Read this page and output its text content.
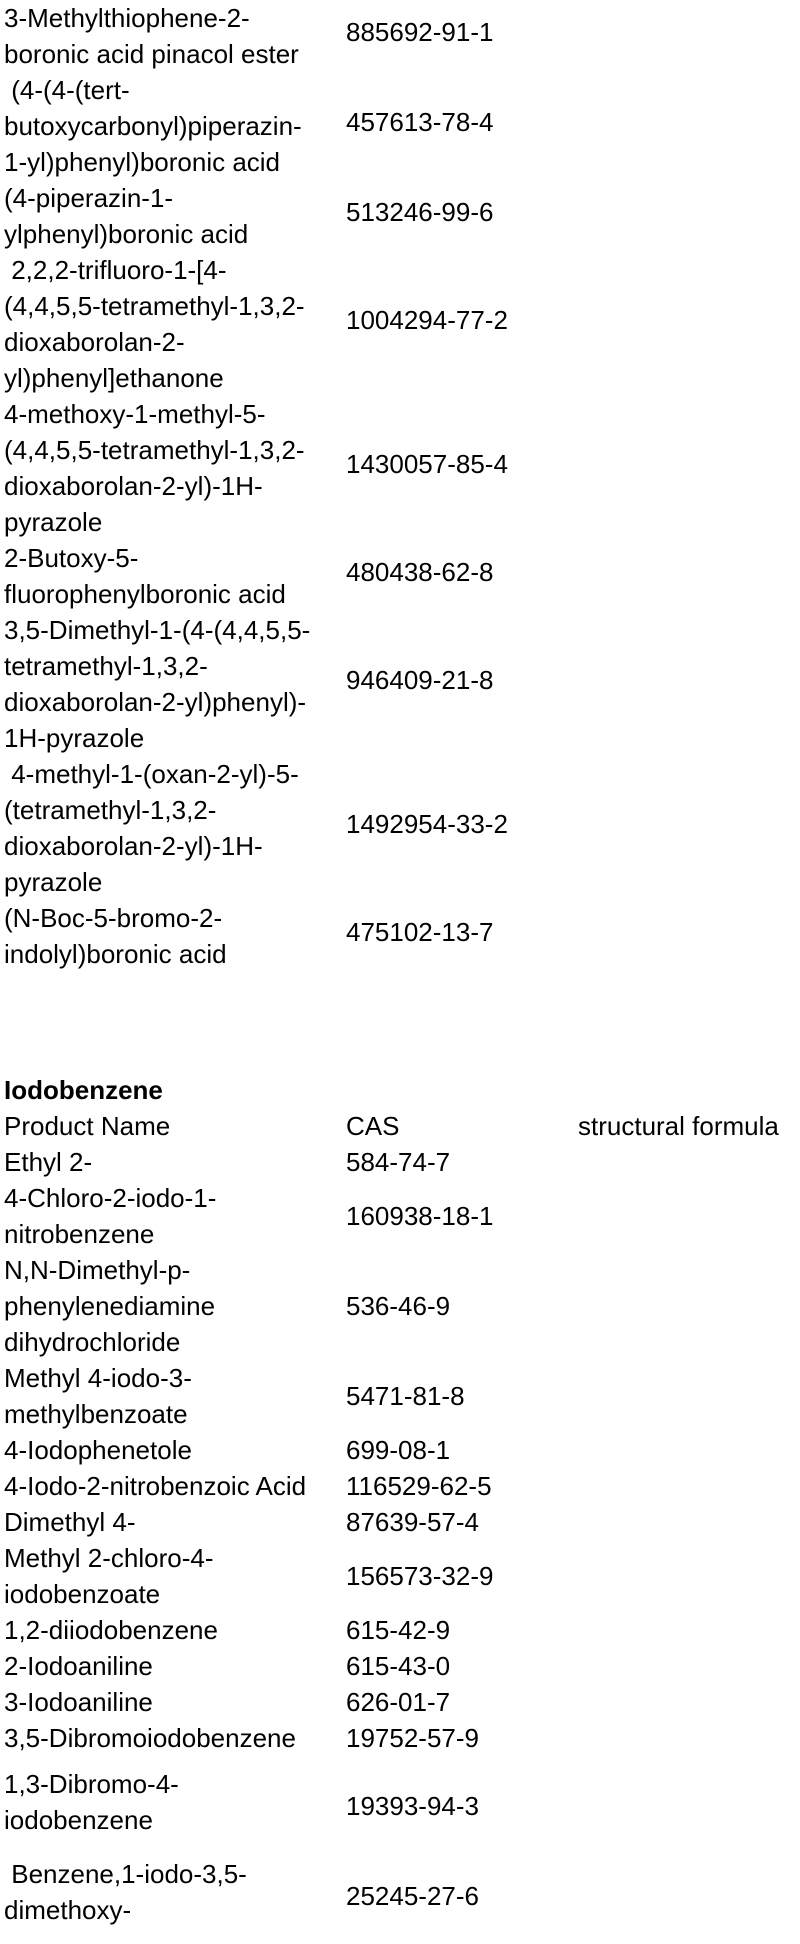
3-Methylthiophene-2-
boronic acid pinacol ester
885692-91-1
(4-(4-(tert-
butoxycarbonyl)piperazin-
1-yl)phenyl)boronic acid
457613-78-4
(4-piperazin-1-
ylphenyl)boronic acid
513246-99-6
2,2,2-trifluoro-1-[4-
(4,4,5,5-tetramethyl-1,3,2-
dioxaborolan-2-
yl)phenyl]ethanone
1004294-77-2
4-methoxy-1-methyl-5-
(4,4,5,5-tetramethyl-1,3,2-
dioxaborolan-2-yl)-1H-
pyrazole
1430057-85-4
2-Butoxy-5-
fluorophenylboronic acid
480438-62-8
3,5-Dimethyl-1-(4-(4,4,5,5-
tetramethyl-1,3,2-
dioxaborolan-2-yl)phenyl)-
1H-pyrazole
946409-21-8
4-methyl-1-(oxan-2-yl)-5-
(tetramethyl-1,3,2-
dioxaborolan-2-yl)-1H-
pyrazole
1492954-33-2
(N-Boc-5-bromo-2-
indolyl)boronic acid
475102-13-7
Iodobenzene
Product Name	CAS	structural formula
Ethyl 2-	584-74-7
4-Chloro-2-iodo-1-
nitrobenzene
160938-18-1
N,N-Dimethyl-p-
phenylenediamine
dihydrochloride
536-46-9
Methyl 4-iodo-3-
methylbenzoate
5471-81-8
4-Iodophenetole	699-08-1
4-Iodo-2-nitrobenzoic Acid	116529-62-5
Dimethyl 4-	87639-57-4
Methyl 2-chloro-4-
iodobenzoate
156573-32-9
1,2-diiodobenzene	615-42-9
2-Iodoaniline	615-43-0
3-Iodoaniline	626-01-7
3,5-Dibromoiodobenzene	19752-57-9
1,3-Dibromo-4-
iodobenzene	19393-94-3
Benzene,1-iodo-3,5-
dimethoxy-	25245-27-6
